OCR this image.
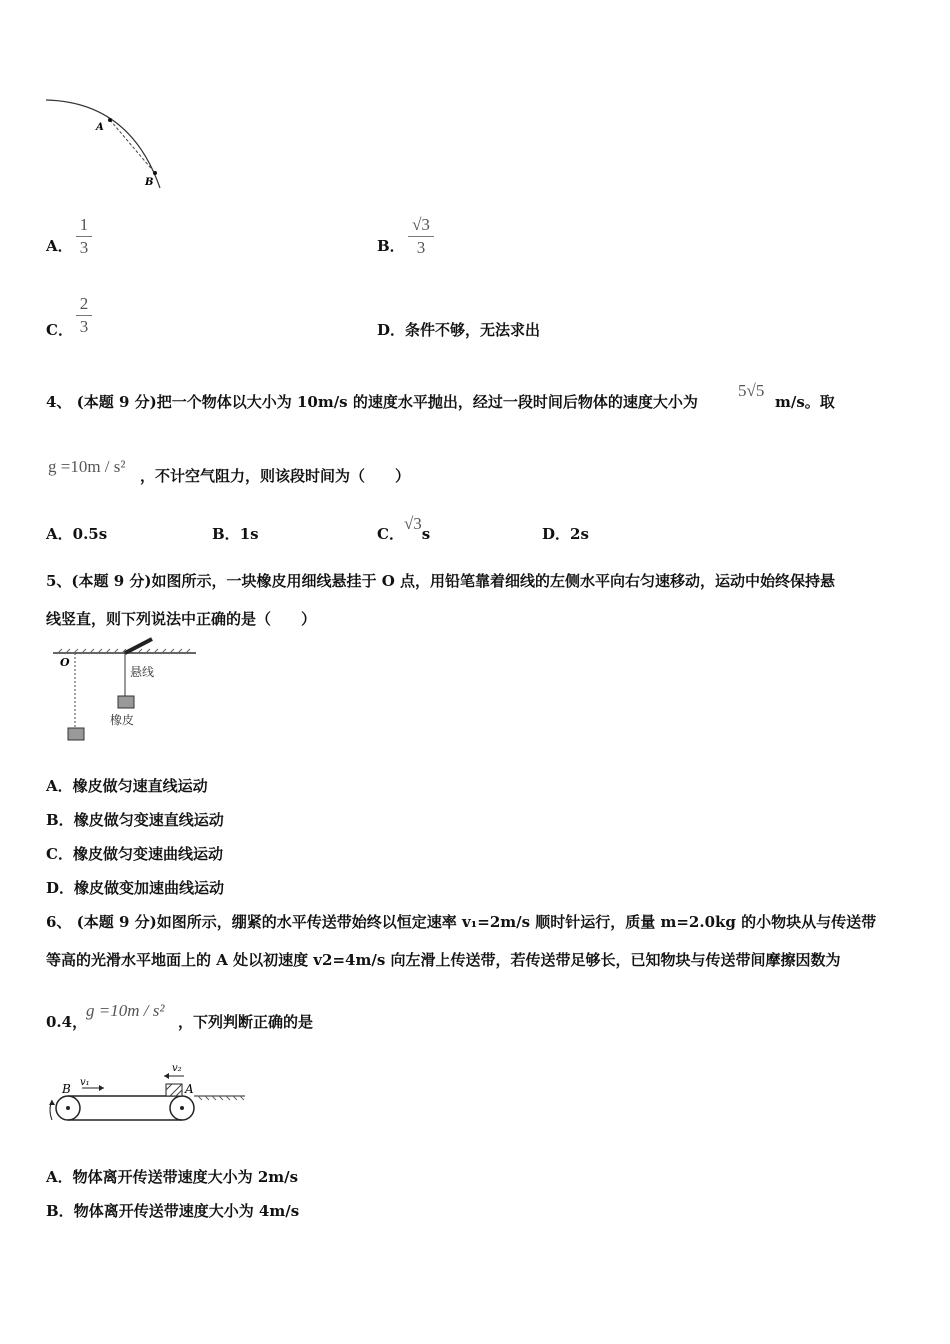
A
B
A．
1
3	B．
√3
3
C．
2
3	D．条件不够，无法求出
4、 (本题 9 分)把一个物体以大小为 10m/s 的速度水平抛出，经过一段时间后物体的速度大小为
5√5
m/s。取
g =10m / s² ，不计空气阻力，则该段时间为（　　）
A．0.5s	B．1s	C．√3s	D．2s
5、(本题 9 分)如图所示，一块橡皮用细线悬挂于 O 点，用铅笔靠着细线的左侧水平向右匀速移动，运动中始终保持悬
线竖直，则下列说法中正确的是（　　）
O
悬线
橡皮
A．橡皮做匀速直线运动
B．橡皮做匀变速直线运动
C．橡皮做匀变速曲线运动
D．橡皮做变加速曲线运动
6、 (本题 9 分)如图所示，绷紧的水平传送带始终以恒定速率 v₁=2m/s 顺时针运行，质量 m=2.0kg 的小物块从与传送带
等高的光滑水平地面上的 A 处以初速度 v2=4m/s 向左滑上传送带，若传送带足够长，已知物块与传送带间摩擦因数为
0.4，
g =10m / s²
，下列判断正确的是
B	A
v₁
v₂
A．物体离开传送带速度大小为 2m/s
B．物体离开传送带速度大小为 4m/s
